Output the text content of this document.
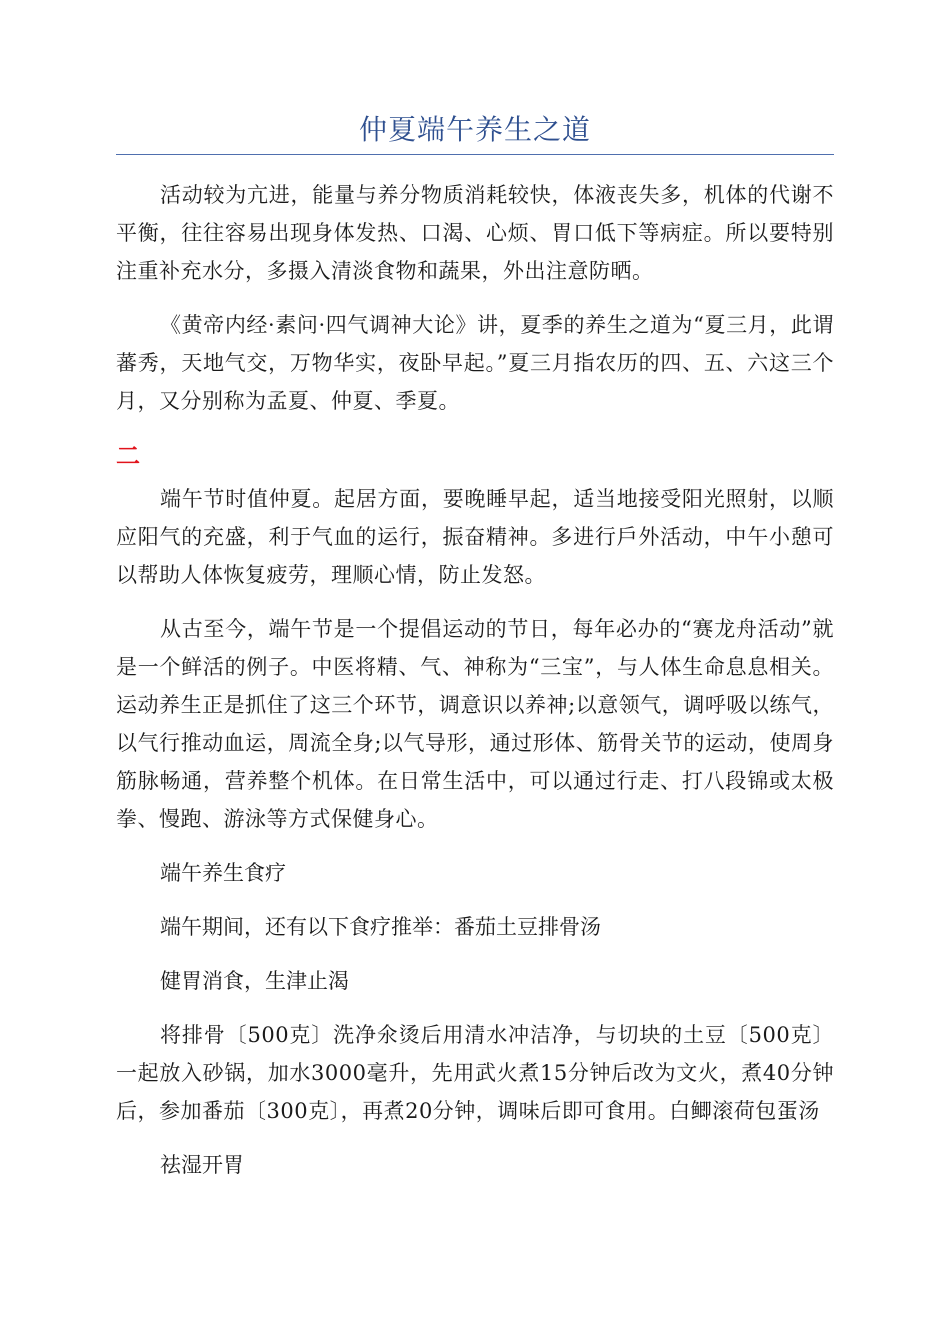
仲夏端午养生之道

活动较为亢进，能量与养分物质消耗较快，体液丧失多，机体的代谢不平衡，往往容易出现身体发热、口渴、心烦、胃口低下等病症。所以要特别注重补充水分，多摄入清淡食物和蔬果，外出注意防晒。

《黄帝内经·素问·四气调神大论》讲，夏季的养生之道为“夏三月，此谓蕃秀，天地气交，万物华实，夜卧早起。”夏三月指农历的四、五、六这三个月，又分别称为孟夏、仲夏、季夏。

二

端午节时值仲夏。起居方面，要晚睡早起，适当地接受阳光照射，以顺应阳气的充盛，利于气血的运行，振奋精神。多进行戶外活动，中午小憩可以帮助人体恢复疲劳，理顺心情，防止发怒。

从古至今，端午节是一个提倡运动的节日，每年必办的“赛龙舟活动”就是一个鲜活的例子。中医将精、气、神称为“三宝”，与人体生命息息相关。运动养生正是抓住了这三个环节，调意识以养神;以意领气，调呼吸以练气，以气行推动血运，周流全身;以气导形，通过形体、筋骨关节的运动，使周身筋脉畅通，营养整个机体。在日常生活中，可以通过行走、打八段锦或太极拳、慢跑、游泳等方式保健身心。

端午养生食疗

端午期间，还有以下食疗推举：番茄土豆排骨汤

健胃消食，生津止渴

将排骨〔500克〕洗净氽烫后用清水冲洁净，与切块的土豆〔500克〕一起放入砂锅，加水3000毫升，先用武火煮15分钟后改为文火，煮40分钟后，参加番茄〔300克〕，再煮20分钟，调味后即可食用。白鲫滚荷包蛋汤

祛湿开胃
